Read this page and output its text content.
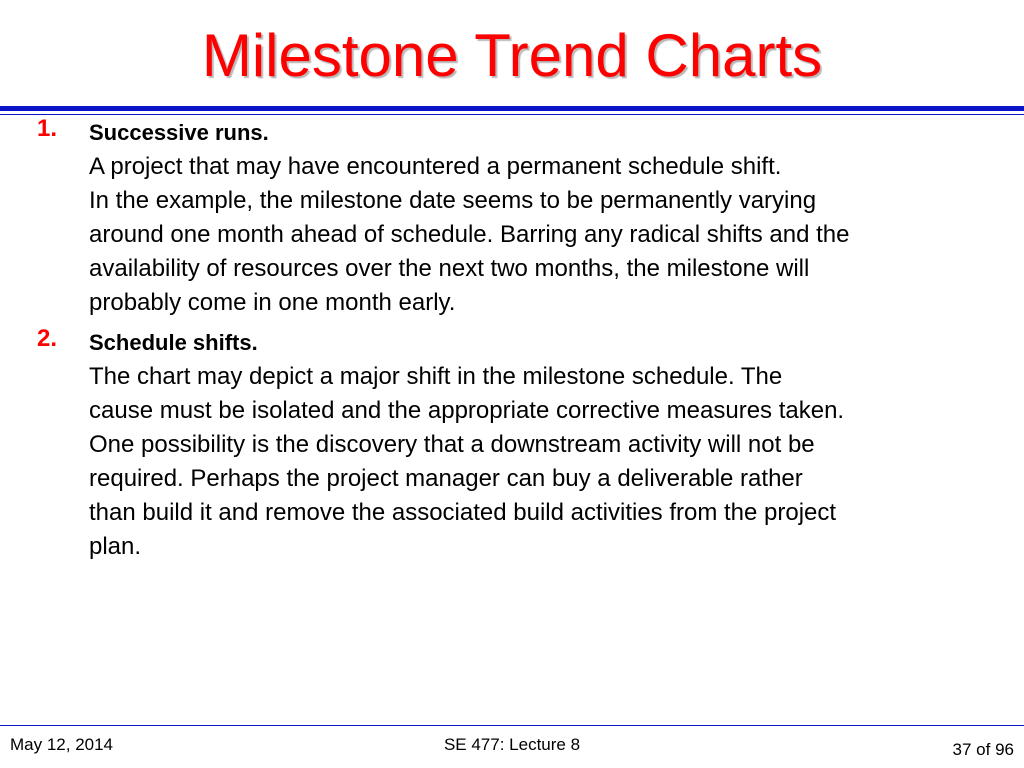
Milestone Trend Charts
1. Successive runs.
A project that may have encountered a permanent schedule shift.
In the example, the milestone date seems to be permanently varying
around one month ahead of schedule. Barring any radical shifts and the
availability of resources over the next two months, the milestone will
probably come in one month early.
2. Schedule shifts.
The chart may depict a major shift in the milestone schedule. The
cause must be isolated and the appropriate corrective measures taken.
One possibility is the discovery that a downstream activity will not be
required. Perhaps the project manager can buy a deliverable rather
than build it and remove the associated build activities from the project
plan.
May 12, 2014	SE 477: Lecture 8	37 of 96
